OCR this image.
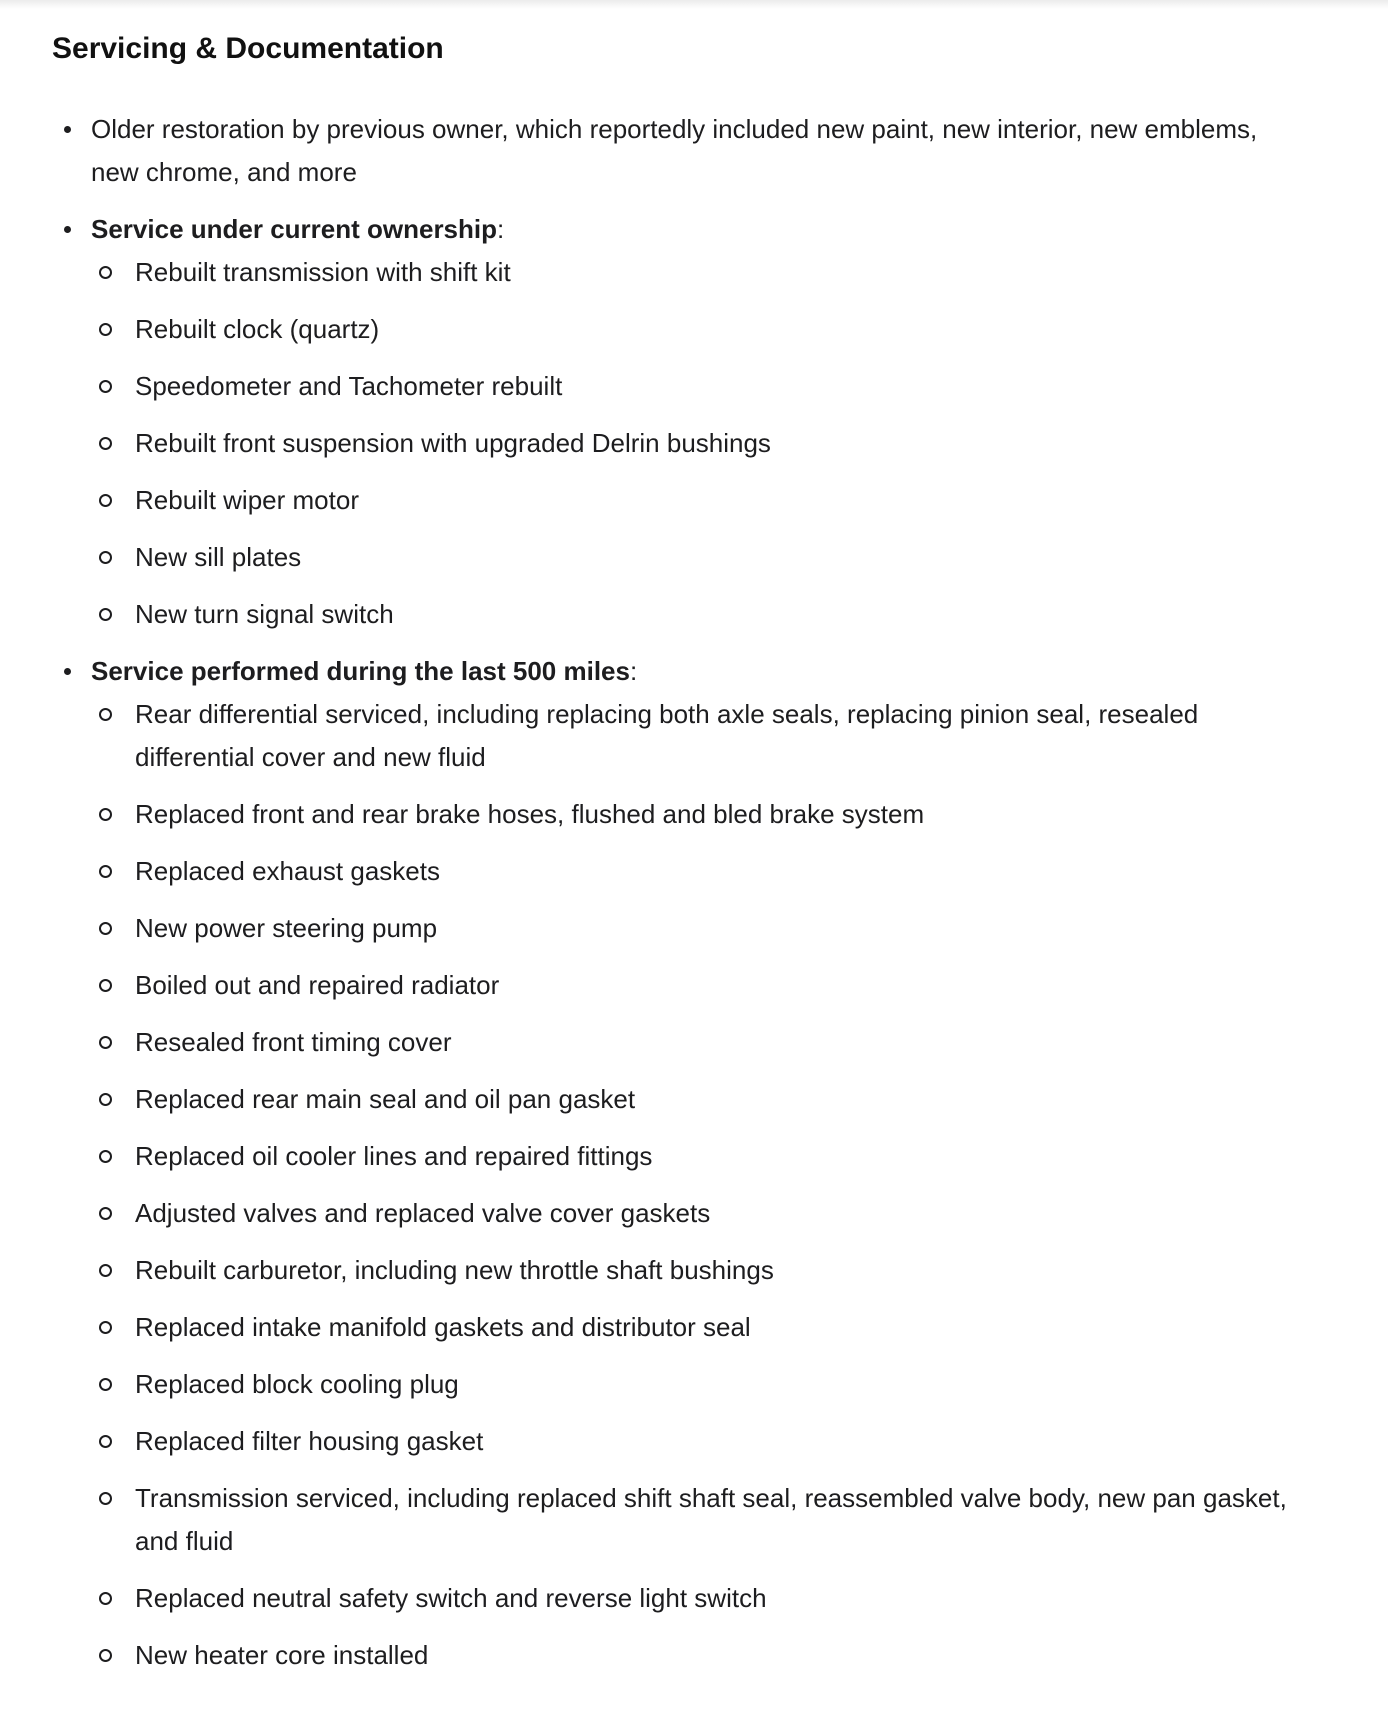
Servicing & Documentation
Older restoration by previous owner, which reportedly included new paint, new interior, new emblems, new chrome, and more
Service under current ownership:
Rebuilt transmission with shift kit
Rebuilt clock (quartz)
Speedometer and Tachometer rebuilt
Rebuilt front suspension with upgraded Delrin bushings
Rebuilt wiper motor
New sill plates
New turn signal switch
Service performed during the last 500 miles:
Rear differential serviced, including replacing both axle seals, replacing pinion seal, resealed differential cover and new fluid
Replaced front and rear brake hoses, flushed and bled brake system
Replaced exhaust gaskets
New power steering pump
Boiled out and repaired radiator
Resealed front timing cover
Replaced rear main seal and oil pan gasket
Replaced oil cooler lines and repaired fittings
Adjusted valves and replaced valve cover gaskets
Rebuilt carburetor, including new throttle shaft bushings
Replaced intake manifold gaskets and distributor seal
Replaced block cooling plug
Replaced filter housing gasket
Transmission serviced, including replaced shift shaft seal, reassembled valve body, new pan gasket, and fluid
Replaced neutral safety switch and reverse light switch
New heater core installed
